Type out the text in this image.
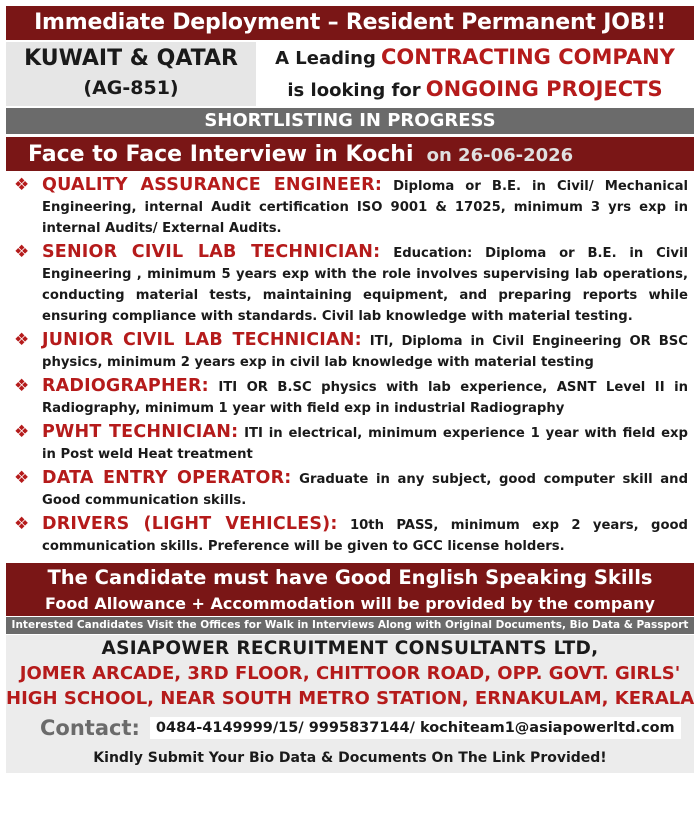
Immediate Deployment – Resident Permanent JOB!!
KUWAIT & QATAR
(AG-851)
A Leading CONTRACTING COMPANY
is looking for ONGOING PROJECTS
SHORTLISTING IN PROGRESS
Face to Face Interview in Kochi on 26-06-2026
❖ QUALITY ASSURANCE ENGINEER: Diploma or B.E. in Civil/ Mechanical Engineering, internal Audit certification ISO 9001 & 17025, minimum 3 yrs exp in internal Audits/ External Audits.
❖ SENIOR CIVIL LAB TECHNICIAN: Education: Diploma or B.E. in Civil Engineering , minimum 5 years exp with the role involves supervising lab operations, conducting material tests, maintaining equipment, and preparing reports while ensuring compliance with standards. Civil lab knowledge with material testing.
❖ JUNIOR CIVIL LAB TECHNICIAN: ITI, Diploma in Civil Engineering OR BSC physics, minimum 2 years exp in civil lab knowledge with material testing
❖ RADIOGRAPHER: ITI OR B.SC physics with lab experience, ASNT Level II in Radiography, minimum 1 year with field exp in industrial Radiography
❖ PWHT TECHNICIAN: ITI in electrical, minimum experience 1 year with field exp in Post weld Heat treatment
❖ DATA ENTRY OPERATOR: Graduate in any subject, good computer skill and Good communication skills.
❖ DRIVERS (LIGHT VEHICLES): 10th PASS, minimum exp 2 years, good communication skills. Preference will be given to GCC license holders.
The Candidate must have Good English Speaking Skills
Food Allowance + Accommodation will be provided by the company
Interested Candidates Visit the Offices for Walk in Interviews Along with Original Documents, Bio Data & Passport
ASIAPOWER RECRUITMENT CONSULTANTS LTD,
JOMER ARCADE, 3RD FLOOR, CHITTOOR ROAD, OPP. GOVT. GIRLS'
HIGH SCHOOL, NEAR SOUTH METRO STATION, ERNAKULAM, KERALA
Contact:	0484-4149999/15/ 9995837144/ kochiteam1@asiapowerltd.com
Kindly Submit Your Bio Data & Documents On The Link Provided!
